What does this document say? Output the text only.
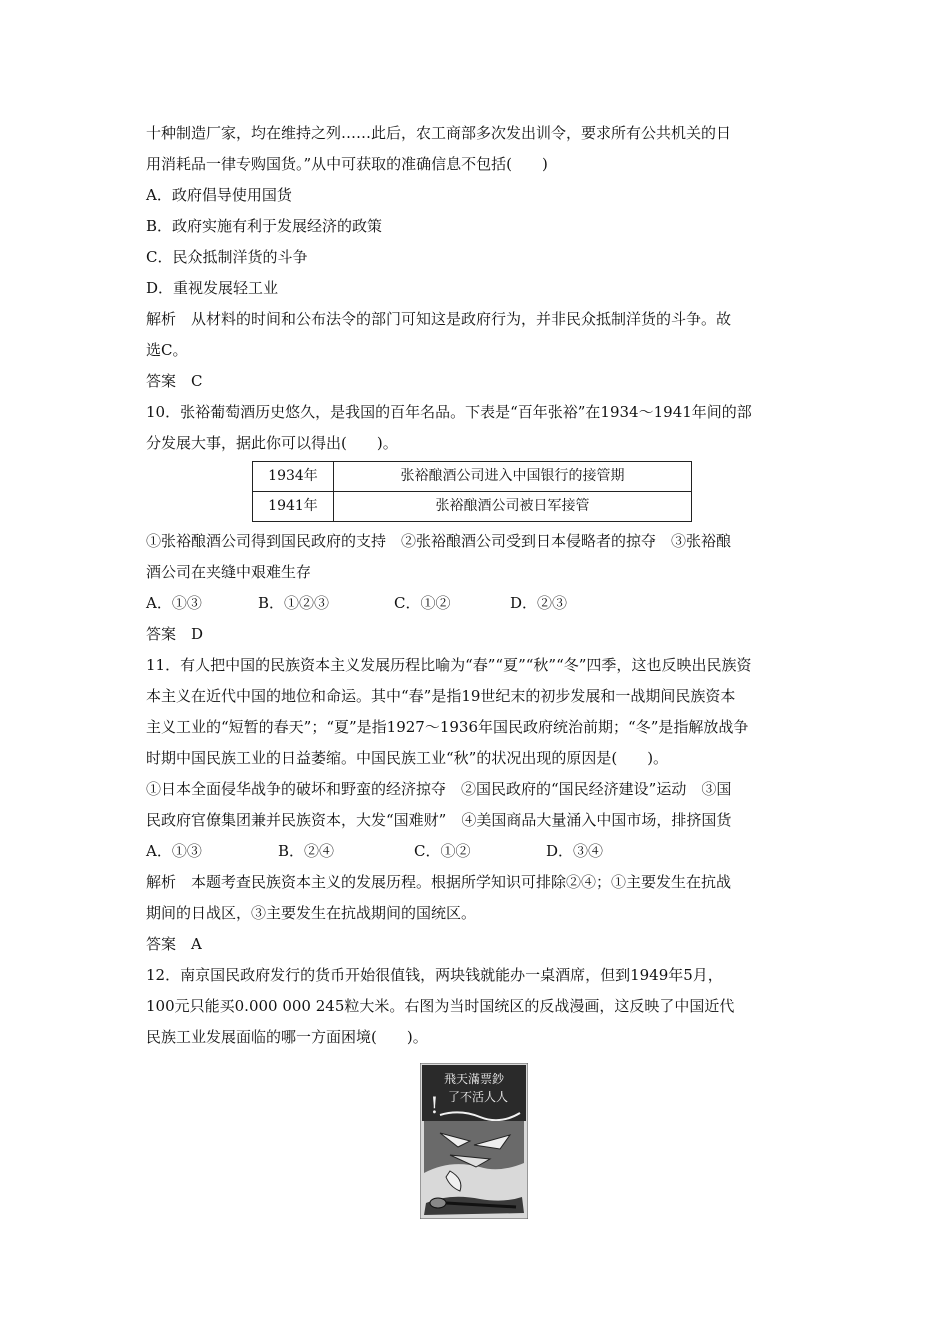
十种制造厂家，均在维持之列……此后，农工商部多次发出训令，要求所有公共机关的日
用消耗品一律专购国货。”从中可获取的准确信息不包括(　　)
A．政府倡导使用国货
B．政府实施有利于发展经济的政策
C．民众抵制洋货的斗争
D．重视发展轻工业
解析　从材料的时间和公布法令的部门可知这是政府行为，并非民众抵制洋货的斗争。故
选C。
答案　C
10．张裕葡萄酒历史悠久，是我国的百年名品。下表是“百年张裕”在1934～1941年间的部
分发展大事，据此你可以得出(　　)。
1934年	张裕酿酒公司进入中国银行的接管期
1941年	张裕酿酒公司被日军接管
①张裕酿酒公司得到国民政府的支持　②张裕酿酒公司受到日本侵略者的掠夺　③张裕酿
酒公司在夹缝中艰难生存
A．①③	B．①②③	C．①②	D．②③
答案　D
11．有人把中国的民族资本主义发展历程比喻为“春”“夏”“秋”“冬”四季，这也反映出民族资
本主义在近代中国的地位和命运。其中“春”是指19世纪末的初步发展和一战期间民族资本
主义工业的“短暂的春天”；“夏”是指1927～1936年国民政府统治前期；“冬”是指解放战争
时期中国民族工业的日益萎缩。中国民族工业“秋”的状况出现的原因是(　　)。
①日本全面侵华战争的破坏和野蛮的经济掠夺　②国民政府的“国民经济建设”运动　③国
民政府官僚集团兼并民族资本，大发“国难财”　④美国商品大量涌入中国市场，排挤国货
A．①③	B．②④	C．①②	D．③④
解析　本题考查民族资本主义的发展历程。根据所学知识可排除②④；①主要发生在抗战
期间的日战区，③主要发生在抗战期间的国统区。
答案　A
12．南京国民政府发行的货币开始很值钱，两块钱就能办一桌酒席，但到1949年5月，
100元只能买0.000 000 245粒大米。右图为当时国统区的反战漫画，这反映了中国近代
民族工业发展面临的哪一方面困境(　　)。
飛天滿票鈔
了不活人人
!
